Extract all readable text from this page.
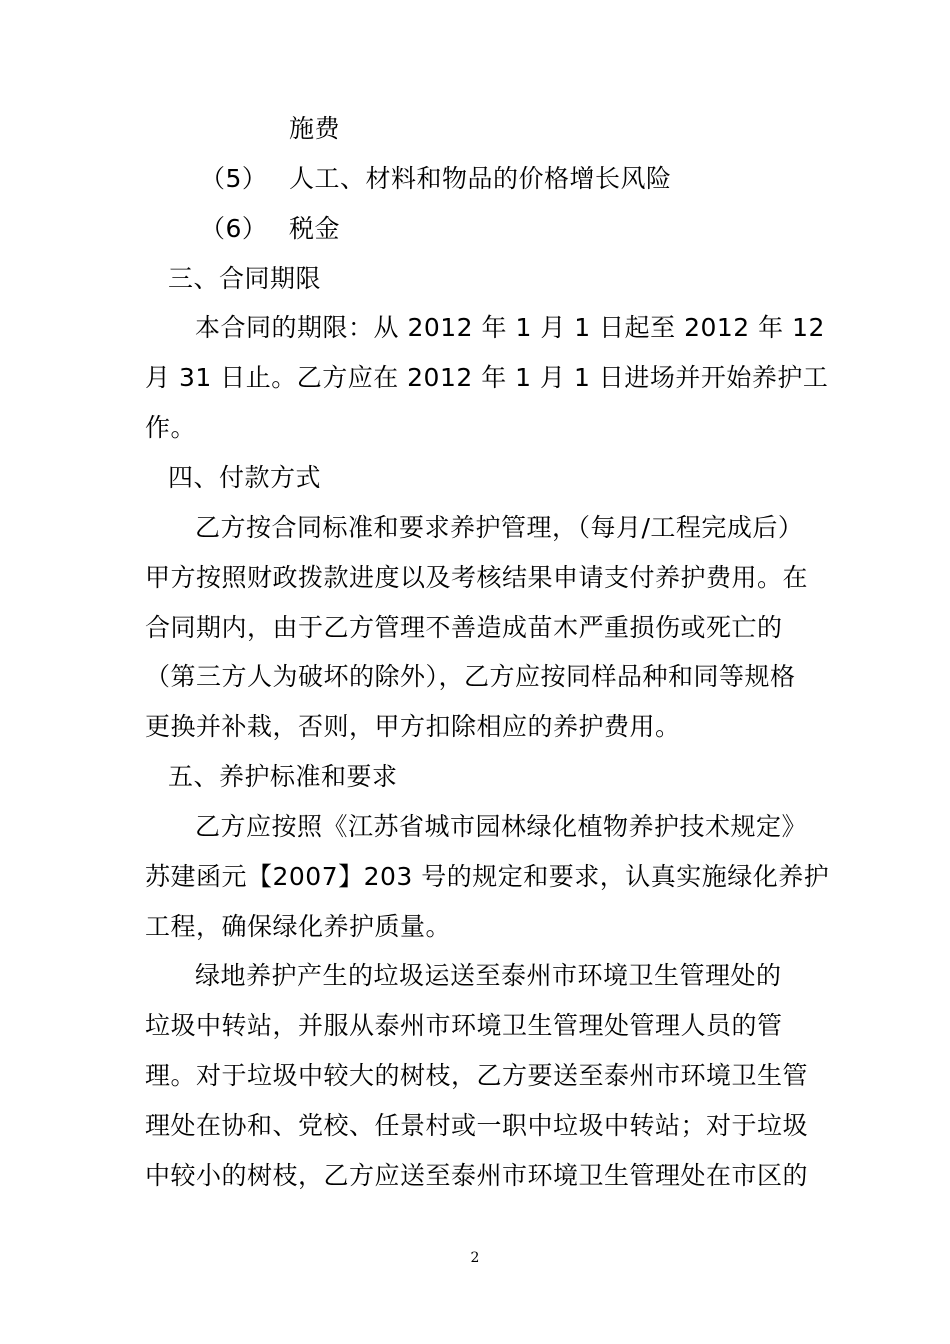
施费
（5） 人工、材料和物品的价格增长风险
（6） 税金
三、合同期限
本合同的期限：从 2012 年 1 月 1 日起至 2012 年 12
月 31 日止。乙方应在 2012 年 1 月 1 日进场并开始养护工
作。
四、付款方式
乙方按合同标准和要求养护管理，（每月/工程完成后）
甲方按照财政拨款进度以及考核结果申请支付养护费用。在
合同期内，由于乙方管理不善造成苗木严重损伤或死亡的
（第三方人为破坏的除外），乙方应按同样品种和同等规格
更换并补栽，否则，甲方扣除相应的养护费用。
五、养护标准和要求
乙方应按照《江苏省城市园林绿化植物养护技术规定》
苏建函元【2007】203 号的规定和要求，认真实施绿化养护
工程，确保绿化养护质量。
绿地养护产生的垃圾运送至泰州市环境卫生管理处的
垃圾中转站，并服从泰州市环境卫生管理处管理人员的管
理。对于垃圾中较大的树枝，乙方要送至泰州市环境卫生管
理处在协和、党校、任景村或一职中垃圾中转站；对于垃圾
中较小的树枝，乙方应送至泰州市环境卫生管理处在市区的
2
